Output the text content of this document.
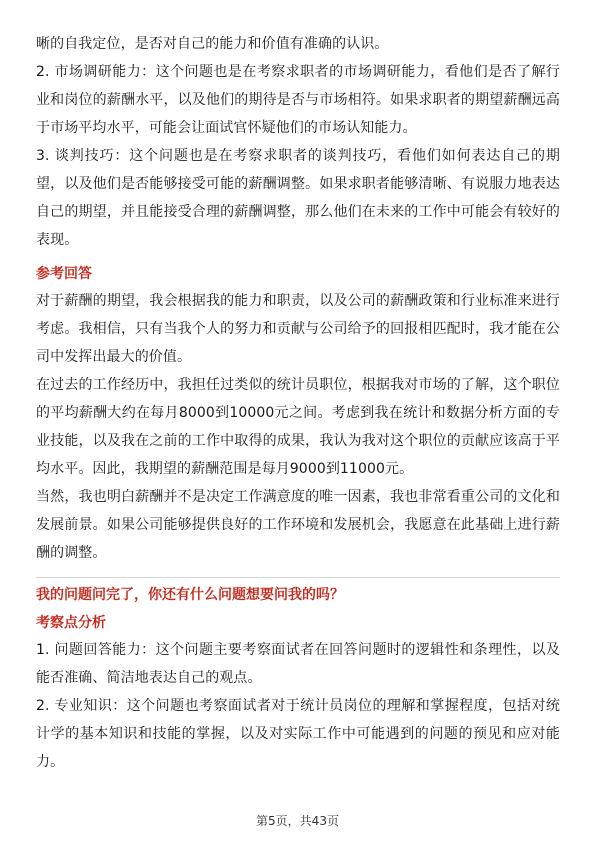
晰的自我定位，是否对自己的能力和价值有准确的认识。

2. 市场调研能力：这个问题也是在考察求职者的市场调研能力，看他们是否了解行业和岗位的薪酬水平，以及他们的期待是否与市场相符。如果求职者的期望薪酬远高于市场平均水平，可能会让面试官怀疑他们的市场认知能力。

3. 谈判技巧：这个问题也是在考察求职者的谈判技巧，看他们如何表达自己的期望，以及他们是否能够接受可能的薪酬调整。如果求职者能够清晰、有说服力地表达自己的期望，并且能接受合理的薪酬调整，那么他们在未来的工作中可能会有较好的表现。

参考回答

对于薪酬的期望，我会根据我的能力和职责，以及公司的薪酬政策和行业标准来进行考虑。我相信，只有当我个人的努力和贡献与公司给予的回报相匹配时，我才能在公司中发挥出最大的价值。

在过去的工作经历中，我担任过类似的统计员职位，根据我对市场的了解，这个职位的平均薪酬大约在每月8000到10000元之间。考虑到我在统计和数据分析方面的专业技能，以及我在之前的工作中取得的成果，我认为我对这个职位的贡献应该高于平均水平。因此，我期望的薪酬范围是每月9000到11000元。

当然，我也明白薪酬并不是决定工作满意度的唯一因素，我也非常看重公司的文化和发展前景。如果公司能够提供良好的工作环境和发展机会，我愿意在此基础上进行薪酬的调整。

我的问题问完了，你还有什么问题想要问我的吗？
考察点分析

1. 问题回答能力：这个问题主要考察面试者在回答问题时的逻辑性和条理性，以及能否准确、简洁地表达自己的观点。

2. 专业知识：这个问题也考察面试者对于统计员岗位的理解和掌握程度，包括对统计学的基本知识和技能的掌握，以及对实际工作中可能遇到的问题的预见和应对能力。

第5页，共43页
